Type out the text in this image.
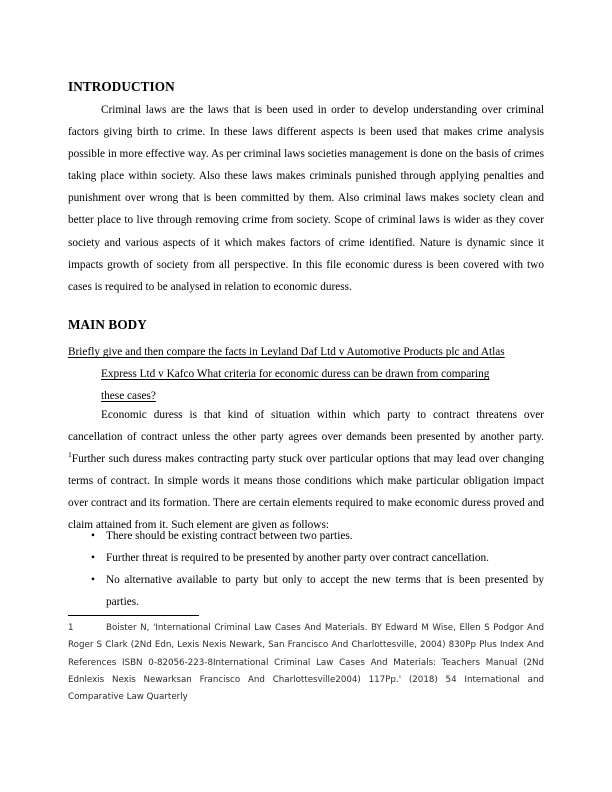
INTRODUCTION

Criminal laws are the laws that is been used in order to develop understanding over criminal factors giving birth to crime. In these laws different aspects is been used that makes crime analysis possible in more effective way. As per criminal laws societies management is done on the basis of crimes taking place within society. Also these laws makes criminals punished through applying penalties and punishment over wrong that is been committed by them. Also criminal laws makes society clean and better place to live through removing crime from society. Scope of criminal laws is wider as they cover society and various aspects of it which makes factors of crime identified. Nature is dynamic since it impacts growth of society from all perspective. In this file economic duress is been covered with two cases is required to be analysed in relation to economic duress.

MAIN BODY

Briefly give and then compare the facts in Leyland Daf Ltd v Automotive Products plc and Atlas
Express Ltd v Kafco What criteria for economic duress can be drawn from comparing
these cases?

Economic duress is that kind of situation within which party to contract threatens over cancellation of contract unless the other party agrees over demands been presented by another party. $^1$Further such duress makes contracting party stuck over particular options that may lead over changing terms of contract. In simple words it means those conditions which make particular obligation impact over contract and its formation. There are certain elements required to make economic duress proved and claim attained from it. Such element are given as follows:

• There should be existing contract between two parties.
• Further threat is required to be presented by another party over contract cancellation.
• No alternative available to party but only to accept the new terms that is been presented by parties.

1	Boister N, 'International Criminal Law Cases And Materials. BY Edward M Wise, Ellen S Podgor And Roger S Clark (2Nd Edn, Lexis Nexis Newark, San Francisco And Charlottesville, 2004) 830Pp Plus Index And References ISBN 0-82056-223-8International Criminal Law Cases And Materials: Teachers Manual (2Nd Ednlexis Nexis Newarksan Francisco And Charlottesville2004) 117Pp.' (2018) 54 International and Comparative Law Quarterly
